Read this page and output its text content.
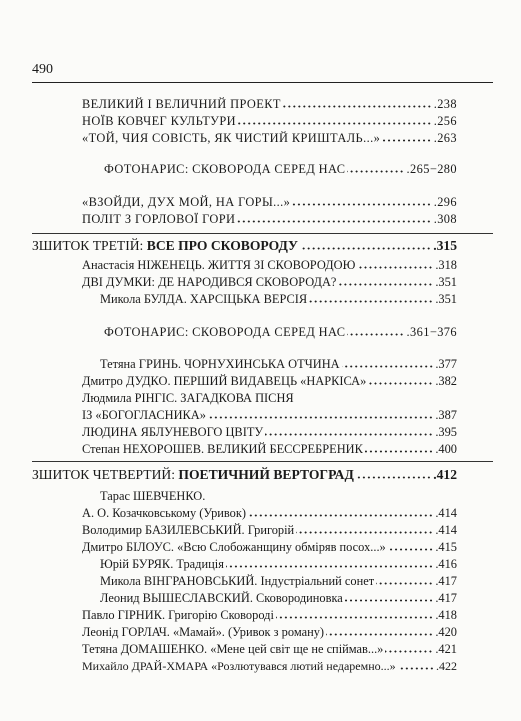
490
ВЕЛИКИЙ І ВЕЛИЧНИЙ ПРОЕКТ	.238
НОЇВ КОВЧЕГ КУЛЬТУРИ	.256
«ТОЙ, ЧИЯ СОВІСТЬ, ЯК ЧИСТИЙ КРИШТАЛЬ...»	.263
ФОТОНАРИС: СКОВОРОДА СЕРЕД НАС	.265−280
«ВЗОЙДИ, ДУХ МОЙ, НА ГОРЫ...»	.296
ПОЛІТ З ГОРЛОВОЇ ГОРИ	.308
ЗШИТОК ТРЕТІЙ: ВСЕ ПРО СКОВОРОДУ	.315
Анастасія НІЖЕНЕЦЬ. ЖИТТЯ ЗІ СКОВОРОДОЮ	.318
ДВІ ДУМКИ: ДЕ НАРОДИВСЯ СКОВОРОДА?	.351
Микола БУЛДА. ХАРСІЦЬКА ВЕРСІЯ	.351
ФОТОНАРИС: СКОВОРОДА СЕРЕД НАС	.361−376
Тетяна ГРИНЬ. ЧОРНУХИНСЬКА ОТЧИНА	.377
Дмитро ДУДКО. ПЕРШИЙ ВИДАВЕЦЬ «НАРКІСА»	.382
Людмила РІНГІС. ЗАГАДКОВА ПІСНЯ
ІЗ «БОГОГЛАСНИКА»	.387
ЛЮДИНА ЯБЛУНЕВОГО ЦВІТУ	.395
Степан НЕХОРОШЕВ. ВЕЛИКИЙ БЕССРЕБРЕНИК	.400
ЗШИТОК ЧЕТВЕРТИЙ: ПОЕТИЧНИЙ ВЕРТОГРАД	.412
Тарас ШЕВЧЕНКО.
А. О. Козачковському (Уривок)	.414
Володимир БАЗИЛЕВСЬКИЙ. Григорій	.414
Дмитро БІЛОУС. «Всю Слобожанщину обміряв посох...»	.415
Юрій БУРЯК. Традиція	.416
Микола ВІНГРАНОВСЬКИЙ. Індустріальний сонет	.417
Леонид ВЫШЕСЛАВСКИЙ. Сковородиновка	.417
Павло ГІРНИК. Григорію Сковороді	.418
Леонід ГОРЛАЧ. «Мамай». (Уривок з роману)	.420
Тетяна ДОМАШЕНКО. «Мене цей світ ще не спіймав...»	.421
Михайло ДРАЙ-ХМАРА «Розлютувався лютий недаремно...»	.422
